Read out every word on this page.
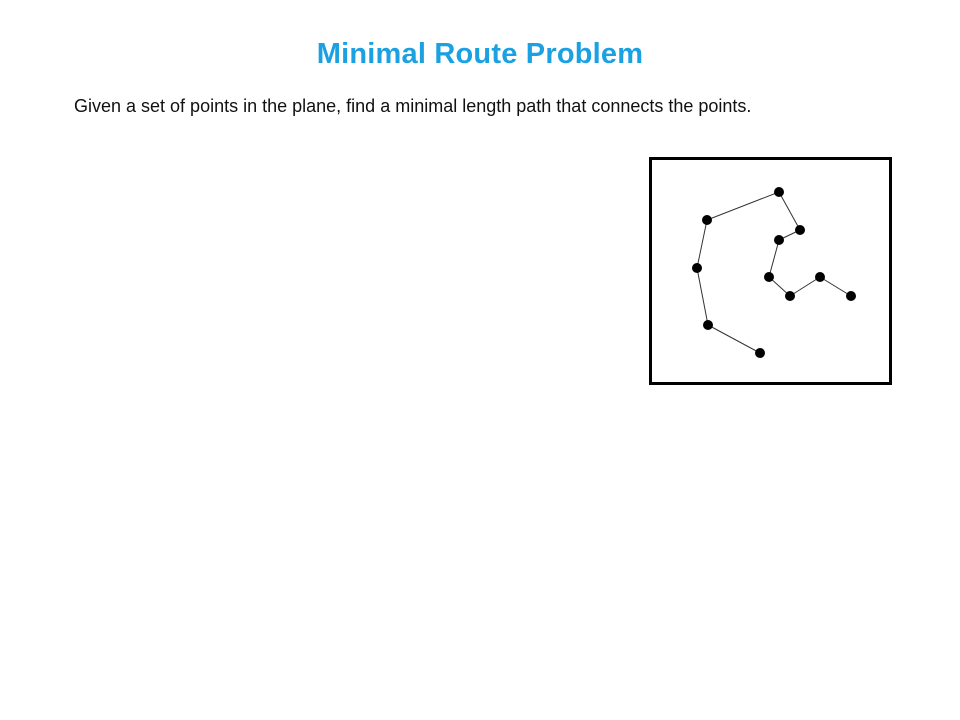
Minimal Route Problem
Given a set of points in the plane, find a minimal length path that connects the points.
